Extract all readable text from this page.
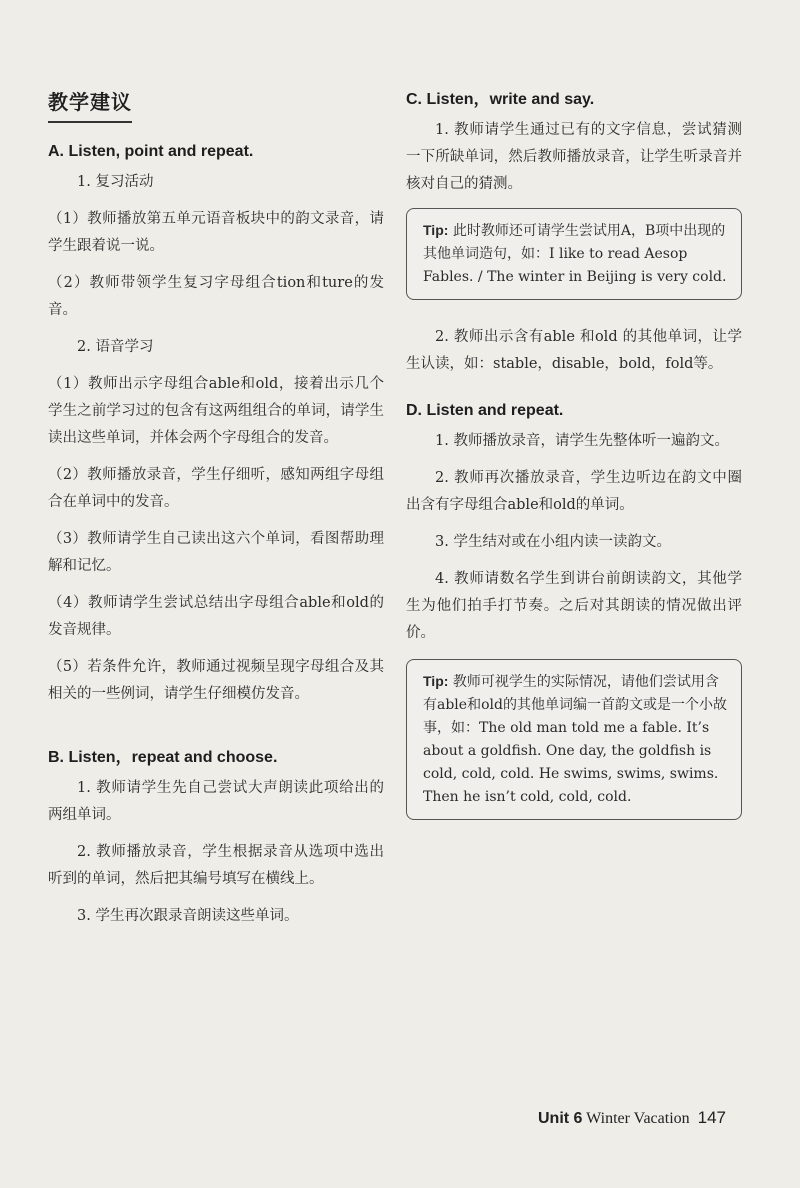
教学建议
A. Listen, point and repeat.

1. 复习活动

（1）教师播放第五单元语音板块中的韵文录音，请学生跟着说一说。

（2）教师带领学生复习字母组合tion和ture的发音。

2. 语音学习

（1）教师出示字母组合able和old，接着出示几个学生之前学习过的包含有这两组组合的单词，请学生读出这些单词，并体会两个字母组合的发音。

（2）教师播放录音，学生仔细听，感知两组字母组合在单词中的发音。

（3）教师请学生自己读出这六个单词，看图帮助理解和记忆。

（4）教师请学生尝试总结出字母组合able和old的发音规律。

（5）若条件允许，教师通过视频呈现字母组合及其相关的一些例词，请学生仔细模仿发音。

B. Listen，repeat and choose.

1. 教师请学生先自己尝试大声朗读此项给出的两组单词。

2. 教师播放录音，学生根据录音从选项中选出听到的单词，然后把其编号填写在横线上。

3. 学生再次跟录音朗读这些单词。

C. Listen，write and say.

1. 教师请学生通过已有的文字信息，尝试猜测一下所缺单词，然后教师播放录音，让学生听录音并核对自己的猜测。

Tip: 此时教师还可请学生尝试用A，B项中出现的其他单词造句，如：I like to read Aesop Fables. / The winter in Beijing is very cold.

2. 教师出示含有able 和old 的其他单词，让学生认读，如：stable，disable，bold，fold等。

D. Listen and repeat.

1. 教师播放录音，请学生先整体听一遍韵文。

2. 教师再次播放录音，学生边听边在韵文中圈出含有字母组合able和old的单词。

3. 学生结对或在小组内读一读韵文。

4. 教师请数名学生到讲台前朗读韵文，其他学生为他们拍手打节奏。之后对其朗读的情况做出评价。

Tip: 教师可视学生的实际情况，请他们尝试用含有able和old的其他单词编一首韵文或是一个小故事，如：The old man told me a fable. It’s about a goldfish. One day, the goldfish is cold, cold, cold. He swims, swims, swims. Then he isn’t cold, cold, cold.
Unit 6 Winter Vacation 147
